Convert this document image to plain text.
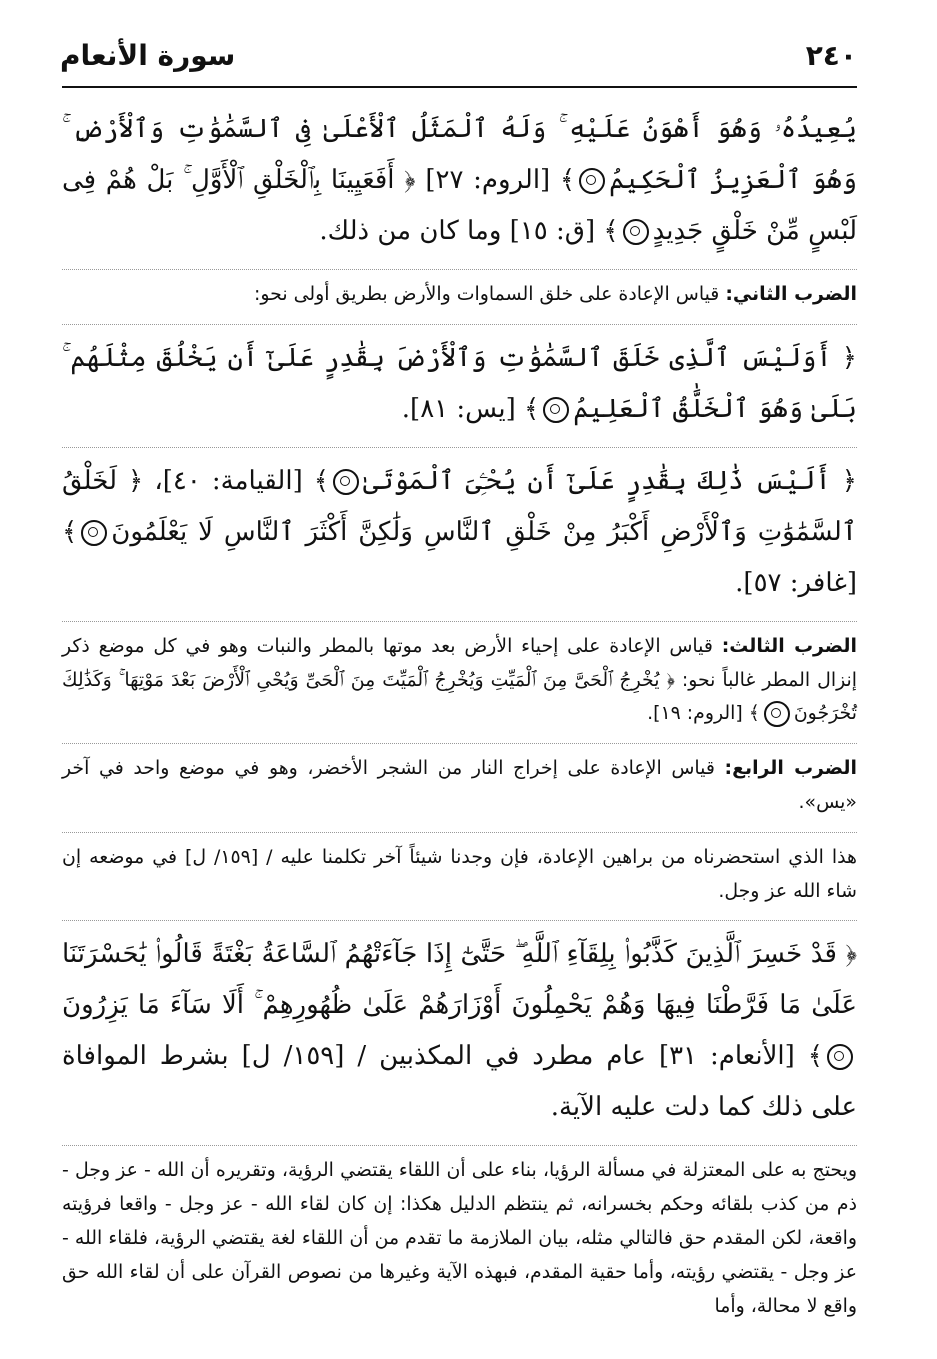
سورة الأنعام	٢٤٠

يُعِيدُهُۥ وَهُوَ أَهْوَنُ عَلَيْهِ ۚ وَلَهُ ٱلْمَثَلُ ٱلْأَعْلَىٰ فِى ٱلسَّمَٰوَٰتِ وَٱلْأَرْضِ ۚ وَهُوَ ٱلْعَزِيزُ ٱلْحَكِيمُ﴾ [الروم: ٢٧] ﴿ أَفَعَيِينَا بِٱلْخَلْقِ ٱلْأَوَّلِ ۚ بَلْ هُمْ فِى لَبْسٍ مِّنْ خَلْقٍ جَدِيدٍ﴾ [ق: ١٥] وما كان من ذلك.

الضرب الثاني: قياس الإعادة على خلق السماوات والأرض بطريق أولى نحو:

﴿ أَوَلَيْسَ ٱلَّذِى خَلَقَ ٱلسَّمَٰوَٰتِ وَٱلْأَرْضَ بِقَٰدِرٍ عَلَىٰٓ أَن يَخْلُقَ مِثْلَهُم ۚ بَلَىٰ وَهُوَ ٱلْخَلَّٰقُ ٱلْعَلِيمُ﴾ [يس: ٨١].

﴿ أَلَيْسَ ذَٰلِكَ بِقَٰدِرٍ عَلَىٰٓ أَن يُحْـِۧىَ ٱلْمَوْتَىٰ﴾ [القيامة: ٤٠]، ﴿ لَخَلْقُ ٱلسَّمَٰوَٰتِ وَٱلْأَرْضِ أَكْبَرُ مِنْ خَلْقِ ٱلنَّاسِ وَلَٰكِنَّ أَكْثَرَ ٱلنَّاسِ لَا يَعْلَمُونَ﴾ [غافر: ٥٧].

الضرب الثالث: قياس الإعادة على إحياء الأرض بعد موتها بالمطر والنبات وهو في كل موضع ذكر إنزال المطر غالباً نحو: ﴿ يُخْرِجُ ٱلْحَىَّ مِنَ ٱلْمَيِّتِ وَيُخْرِجُ ٱلْمَيِّتَ مِنَ ٱلْحَىِّ وَيُحْىِ ٱلْأَرْضَ بَعْدَ مَوْتِهَا ۚ وَكَذَٰلِكَ تُخْرَجُونَ﴾ [الروم: ١٩].

الضرب الرابع: قياس الإعادة على إخراج النار من الشجر الأخضر، وهو في موضع واحد في آخر «يس».

هذا الذي استحضرناه من براهين الإعادة، فإن وجدنا شيئاً آخر تكلمنا عليه / [١٥٩/ ل] في موضعه إن شاء الله عز وجل.

﴿ قَدْ خَسِرَ ٱلَّذِينَ كَذَّبُوا۟ بِلِقَآءِ ٱللَّهِ ۖ حَتَّىٰٓ إِذَا جَآءَتْهُمُ ٱلسَّاعَةُ بَغْتَةً قَالُوا۟ يَٰحَسْرَتَنَا عَلَىٰ مَا فَرَّطْنَا فِيهَا وَهُمْ يَحْمِلُونَ أَوْزَارَهُمْ عَلَىٰ ظُهُورِهِمْ ۚ أَلَا سَآءَ مَا يَزِرُونَ﴾ [الأنعام: ٣١] عام مطرد في المكذبين / [١٥٩/ ل] بشرط الموافاة على ذلك كما دلت عليه الآية.

ويحتج به على المعتزلة في مسألة الرؤيا، بناء على أن اللقاء يقتضي الرؤية، وتقريره أن الله - عز وجل - ذم من كذب بلقائه وحكم بخسرانه، ثم ينتظم الدليل هكذا: إن كان لقاء الله - عز وجل - واقعا فرؤيته واقعة، لكن المقدم حق فالتالي مثله، بيان الملازمة ما تقدم من أن اللقاء لغة يقتضي الرؤية، فلقاء الله - عز وجل - يقتضي رؤيته، وأما حقية المقدم، فبهذه الآية وغيرها من نصوص القرآن على أن لقاء الله حق واقع لا محالة، وأما
